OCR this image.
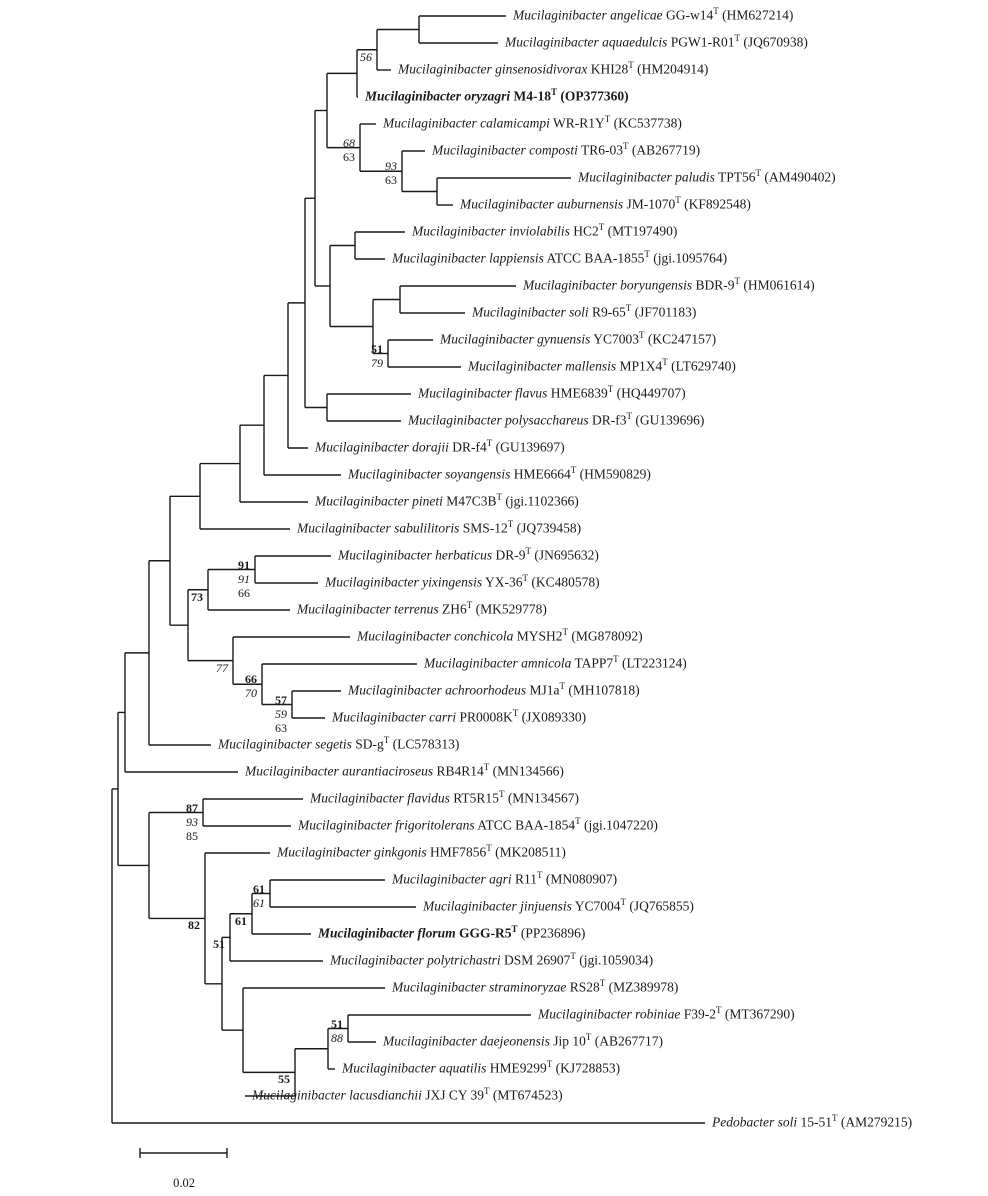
Mucilaginibacter angelicae $GG-w14^T$ (HM627214)
Mucilaginibacter aquaedulcis $PGW1-R01^T$ (JQ670938)
Mucilaginibacter ginsenosidivorax $KHI28^T$ (HM204914)
56
Mucilaginibacter oryzagri $M4-18^T$ (OP377360)
Mucilaginibacter calamicampi $WR-R1Y^T$ (KC537738)
Mucilaginibacter composti $TR6-03^T$ (AB267719)
Mucilaginibacter paludis $TPT56^T$ (AM490402)
Mucilaginibacter auburnensis $JM-1070^T$ (KF892548)
93
63
68
63
Mucilaginibacter inviolabilis $HC2^T$ (MT197490)
Mucilaginibacter lappiensis ATCC BAA-$1855^T$ (jgi.1095764)
Mucilaginibacter boryungensis BDR-$9^T$ (HM061614)
Mucilaginibacter soli $R9-65^T$ (JF701183)
Mucilaginibacter gynuensis $YC7003^T$ (KC247157)
Mucilaginibacter mallensis $MP1X4^T$ (LT629740)
51
79
Mucilaginibacter flavus $HME6839^T$ (HQ449707)
Mucilaginibacter polysacchareus $DR-f3^T$ (GU139696)
Mucilaginibacter dorajii $DR-f4^T$ (GU139697)
Mucilaginibacter soyangensis $HME6664^T$ (HM590829)
Mucilaginibacter pineti $M47C3B^T$ (jgi.1102366)
Mucilaginibacter sabulilitoris SMS-$12^T$ (JQ739458)
Mucilaginibacter herbaticus $DR-9^T$ (JN695632)
Mucilaginibacter yixingensis $YX-36^T$ (KC480578)
91
91
66
Mucilaginibacter terrenus $ZH6^T$ (MK529778)
73
Mucilaginibacter conchicola $MYSH2^T$ (MG878092)
Mucilaginibacter amnicola $TAPP7^T$ (LT223124)
Mucilaginibacter achroorhodeus $MJ1a^T$ (MH107818)
Mucilaginibacter carri $PR0008K^T$ (JX089330)
57
59
63
66
70
77
Mucilaginibacter segetis $SD-g^T$ (LC578313)
Mucilaginibacter aurantiaciroseus $RB4R14^T$ (MN134566)
Mucilaginibacter flavidus $RT5R15^T$ (MN134567)
Mucilaginibacter frigoritolerans ATCC BAA-$1854^T$ (jgi.1047220)
87
93
85
Mucilaginibacter ginkgonis $HMF7856^T$ (MK208511)
Mucilaginibacter agri $R11^T$ (MN080907)
Mucilaginibacter jinjuensis $YC7004^T$ (JQ765855)
61
61
Mucilaginibacter florum GGG-$R5^T$ (PP236896)
61
Mucilaginibacter polytrichastri DSM $26907^T$ (jgi.1059034)
51
Mucilaginibacter straminoryzae $RS28^T$ (MZ389978)
Mucilaginibacter robiniae $F39-2^T$ (MT367290)
Mucilaginibacter daejeonensis Jip $10^T$ (AB267717)
51
88
Mucilaginibacter aquatilis $HME9299^T$ (KJ728853)
Mucilaginibacter lacusdianchii JXJ CY $39^T$ (MT674523)
55
82
Pedobacter soli $15-51^T$ (AM279215)
0.02
